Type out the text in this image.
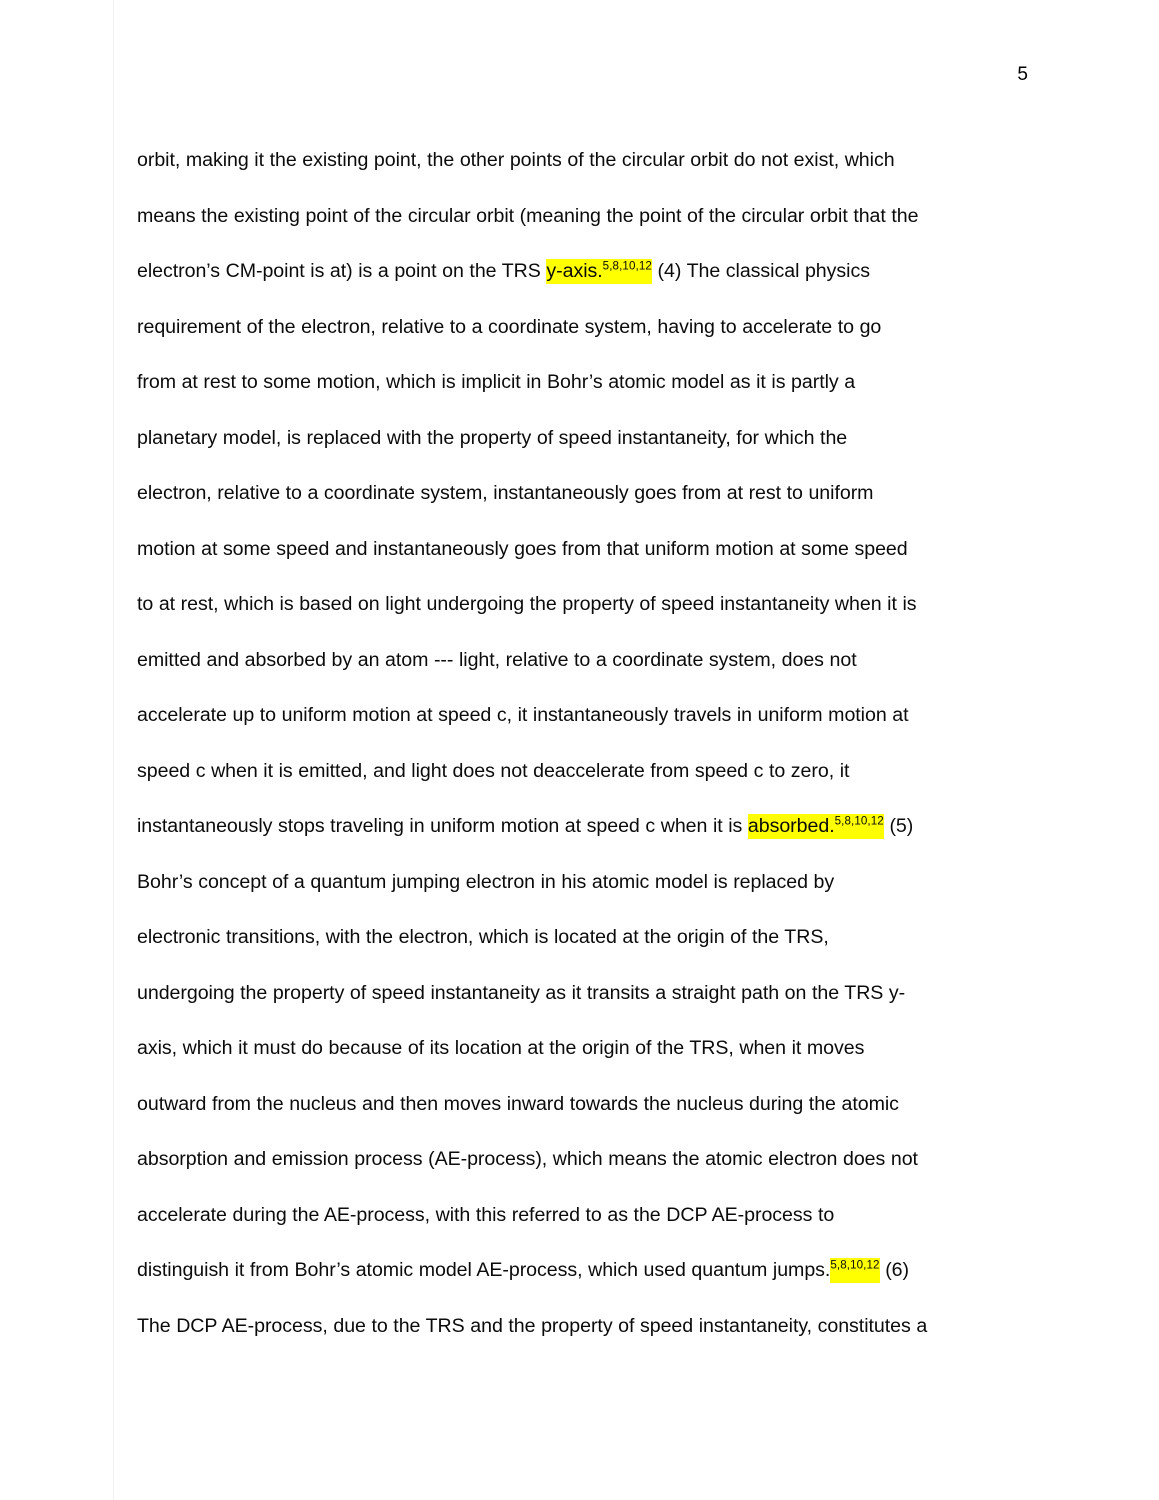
5
orbit, making it the existing point, the other points of the circular orbit do not exist, which
means the existing point of the circular orbit (meaning the point of the circular orbit that the
electron’s CM-point is at) is a point on the TRS y-axis.$^{5,8,10,12}$ (4) The classical physics
requirement of the electron, relative to a coordinate system, having to accelerate to go
from at rest to some motion, which is implicit in Bohr’s atomic model as it is partly a
planetary model, is replaced with the property of speed instantaneity, for which the
electron, relative to a coordinate system, instantaneously goes from at rest to uniform
motion at some speed and instantaneously goes from that uniform motion at some speed
to at rest, which is based on light undergoing the property of speed instantaneity when it is
emitted and absorbed by an atom --- light, relative to a coordinate system, does not
accelerate up to uniform motion at speed c, it instantaneously travels in uniform motion at
speed c when it is emitted, and light does not deaccelerate from speed c to zero, it
instantaneously stops traveling in uniform motion at speed c when it is absorbed.$^{5,8,10,12}$ (5)
Bohr’s concept of a quantum jumping electron in his atomic model is replaced by
electronic transitions, with the electron, which is located at the origin of the TRS,
undergoing the property of speed instantaneity as it transits a straight path on the TRS y-
axis, which it must do because of its location at the origin of the TRS, when it moves
outward from the nucleus and then moves inward towards the nucleus during the atomic
absorption and emission process (AE-process), which means the atomic electron does not
accelerate during the AE-process, with this referred to as the DCP AE-process to
distinguish it from Bohr’s atomic model AE-process, which used quantum jumps.$^{5,8,10,12}$ (6)
The DCP AE-process, due to the TRS and the property of speed instantaneity, constitutes a
